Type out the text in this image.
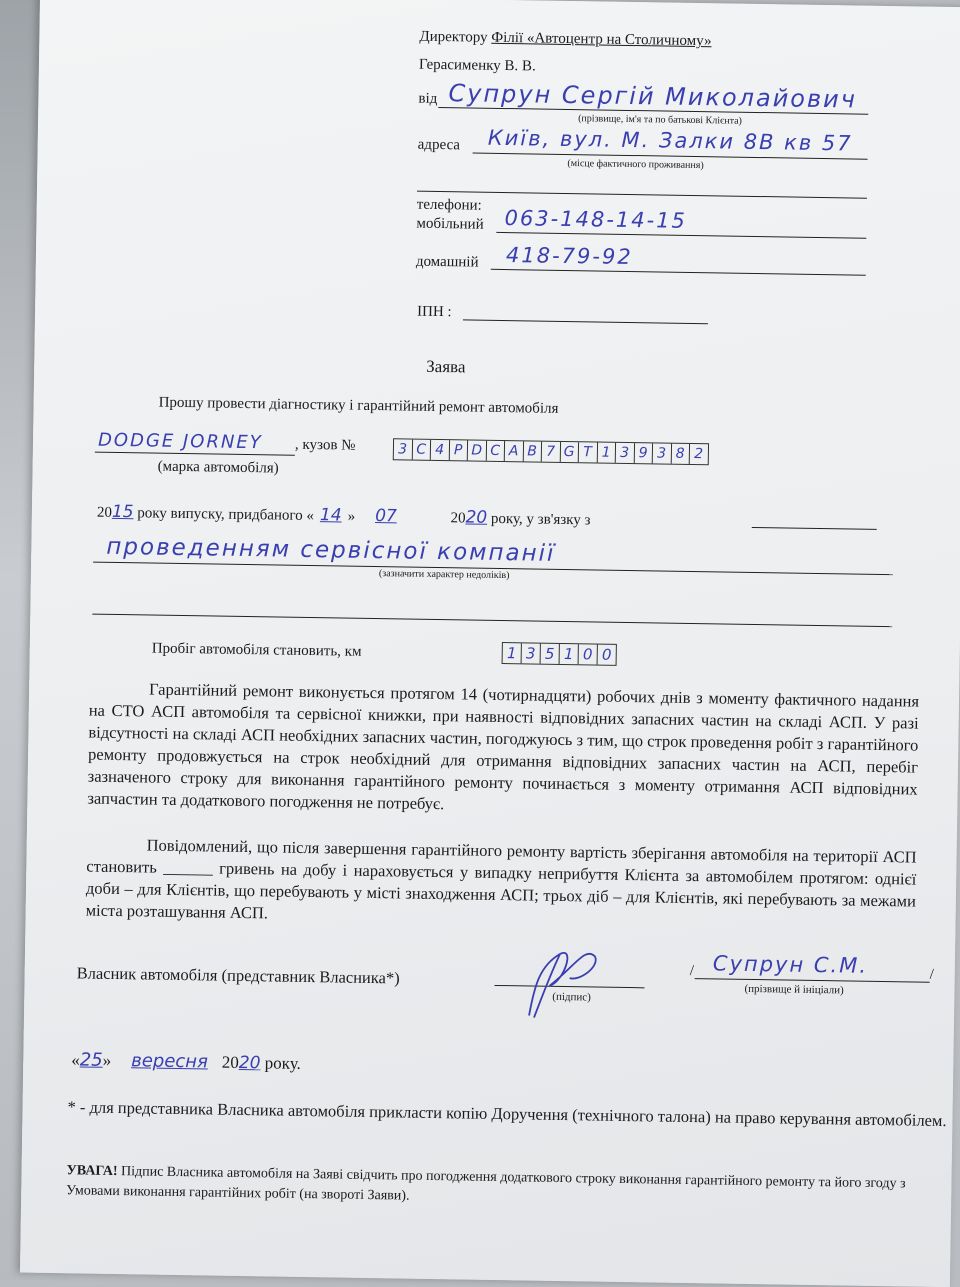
Директору Філії «Автоцентр на Столичному»
Герасименку В. В.
від Супрун Сергій Миколайович
(прізвище, ім'я та по батькові Клієнта)
адреса Київ, вул. М. Залки 8В кв 57
(місце фактичного проживання)
телефони:
мобільний 063-148-14-15
домашній 418-79-92
ІПН :
Заява
Прошу провести діагностику і гарантійний ремонт автомобіля
DODGE JORNEY , кузов №	3 C 4 P D C A B 7 G T 1 3 9 3 8 2
(марка автомобіля)
2015 року випуску, придбаного « 14 » 07	2020 року, у зв'язку з
проведенням сервісної компанії
(зазначити характер недоліків)
Пробіг автомобіля становить, км	1 3 5 1 0 0
Гарантійний ремонт виконується протягом 14 (чотирнадцяти) робочих днів з моменту фактичного надання на СТО АСП автомобіля та сервісної книжки, при наявності відповідних запасних частин на складі АСП. У разі відсутності на складі АСП необхідних запасних частин, погоджуюсь з тим, що строк проведення робіт з гарантійного ремонту продовжується на строк необхідний для отримання відповідних запасних частин на АСП, перебіг зазначеного строку для виконання гарантійного ремонту починається з моменту отримання АСП відповідних запчастин та додаткового погодження не потребує.
Повідомлений, що після завершення гарантійного ремонту вартість зберігання автомобіля на території АСП становить ______ гривень на добу і нараховується у випадку неприбуття Клієнта за автомобілем протягом: однієї доби – для Клієнтів, що перебувають у місті знаходження АСП; трьох діб – для Клієнтів, які перебувають за межами міста розташування АСП.
Власник автомобіля (представник Власника*)
(підпис)
/ Супрун С.М.	/
(прізвище й ініціали)
«25» вересня 2020 року.
* - для представника Власника автомобіля прикласти копію Доручення (технічного талона) на право керування автомобілем.
УВАГА! Підпис Власника автомобіля на Заяві свідчить про погодження додаткового строку виконання гарантійного ремонту та його згоду з Умовами виконання гарантійних робіт (на звороті Заяви).
